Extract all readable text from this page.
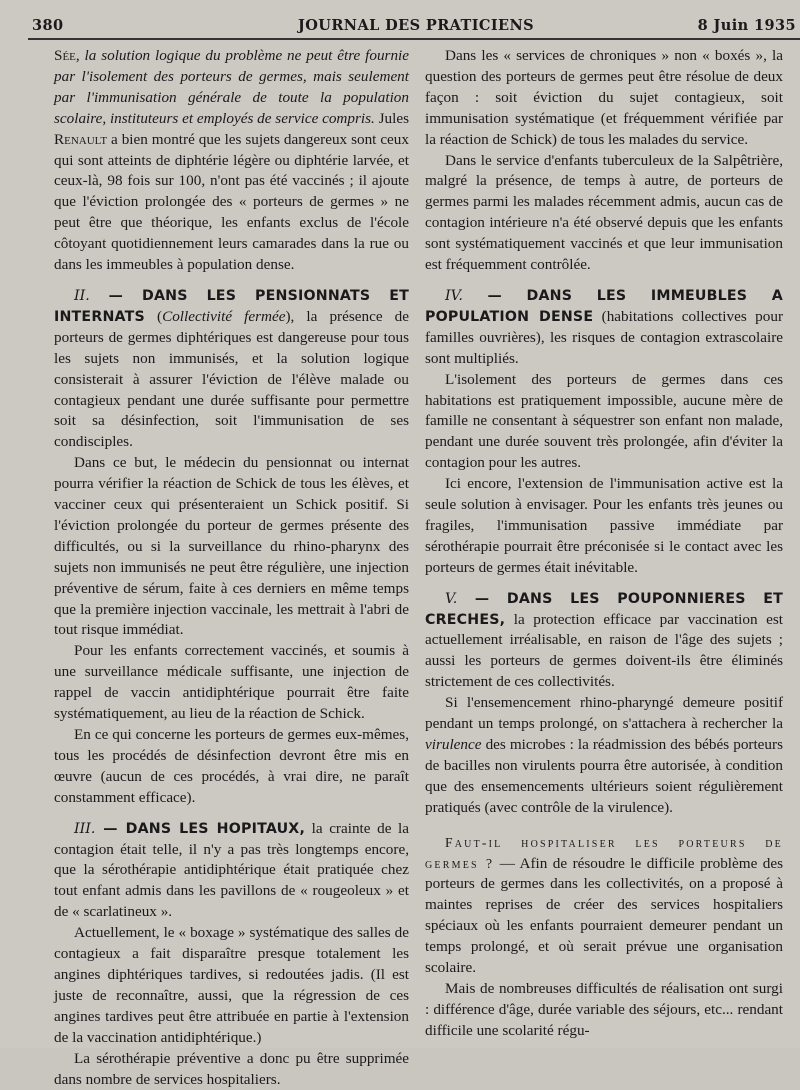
380	JOURNAL DES PRATICIENS	8 Juin 1935

Sée, la solution logique du problème ne peut être fournie par l'isolement des porteurs de germes, mais seulement par l'immunisation générale de toute la population scolaire, instituteurs et employés de service compris. Jules Renault a bien montré que les sujets dangereux sont ceux qui sont atteints de diphtérie légère ou diphtérie larvée, et ceux-là, 98 fois sur 100, n'ont pas été vaccinés ; il ajoute que l'éviction prolongée des « porteurs de germes » ne peut être que théorique, les enfants exclus de l'école côtoyant quotidiennement leurs camarades dans la rue ou dans les immeubles à population dense.

II. — DANS LES PENSIONNATS ET INTERNATS (Collectivité fermée), la présence de porteurs de germes diphtériques est dangereuse pour tous les sujets non immunisés, et la solution logique consisterait à assurer l'éviction de l'élève malade ou contagieux pendant une durée suffisante pour permettre soit sa désinfection, soit l'immunisation de ses condisciples.

Dans ce but, le médecin du pensionnat ou internat pourra vérifier la réaction de Schick de tous les élèves, et vacciner ceux qui présenteraient un Schick positif. Si l'éviction prolongée du porteur de germes présente des difficultés, ou si la surveillance du rhino-pharynx des sujets non immunisés ne peut être régulière, une injection préventive de sérum, faite à ces derniers en même temps que la première injection vaccinale, les mettrait à l'abri de tout risque immédiat.

Pour les enfants correctement vaccinés, et soumis à une surveillance médicale suffisante, une injection de rappel de vaccin antidiphtérique pourrait être faite systématiquement, au lieu de la réaction de Schick.

En ce qui concerne les porteurs de germes eux-mêmes, tous les procédés de désinfection devront être mis en œuvre (aucun de ces procédés, à vrai dire, ne paraît constamment efficace).

III. — DANS LES HOPITAUX, la crainte de la contagion était telle, il n'y a pas très longtemps encore, que la sérothérapie antidiphtérique était pratiquée chez tout enfant admis dans les pavillons de « rougeoleux » et de « scarlatineux ».

Actuellement, le « boxage » systématique des salles de contagieux a fait disparaître presque totalement les angines diphtériques tardives, si redoutées jadis. (Il est juste de reconnaître, aussi, que la régression de ces angines tardives peut être attribuée en partie à l'extension de la vaccination antidiphtérique.)

La sérothérapie préventive a donc pu être supprimée dans nombre de services hospitaliers.

Dans les « services de chroniques » non « boxés », la question des porteurs de germes peut être résolue de deux façon : soit éviction du sujet contagieux, soit immunisation systématique (et fréquemment vérifiée par la réaction de Schick) de tous les malades du service.

Dans le service d'enfants tuberculeux de la Salpêtrière, malgré la présence, de temps à autre, de porteurs de germes parmi les malades récemment admis, aucun cas de contagion intérieure n'a été observé depuis que les enfants sont systématiquement vaccinés et que leur immunisation est fréquemment contrôlée.

IV. — DANS LES IMMEUBLES A POPULATION DENSE (habitations collectives pour familles ouvrières), les risques de contagion extrascolaire sont multipliés.

L'isolement des porteurs de germes dans ces habitations est pratiquement impossible, aucune mère de famille ne consentant à séquestrer son enfant non malade, pendant une durée souvent très prolongée, afin d'éviter la contagion pour les autres.

Ici encore, l'extension de l'immunisation active est la seule solution à envisager. Pour les enfants très jeunes ou fragiles, l'immunisation passive immédiate par sérothérapie pourrait être préconisée si le contact avec les porteurs de germes était inévitable.

V. — DANS LES POUPONNIERES ET CRECHES, la protection efficace par vaccination est actuellement irréalisable, en raison de l'âge des sujets ; aussi les porteurs de germes doivent-ils être éliminés strictement de ces collectivités.

Si l'ensemencement rhino-pharyngé demeure positif pendant un temps prolongé, on s'attachera à rechercher la virulence des microbes : la réadmission des bébés porteurs de bacilles non virulents pourra être autorisée, à condition que des ensemencements ultérieurs soient régulièrement pratiqués (avec contrôle de la virulence).

Faut-il hospitaliser les porteurs de germes ? — Afin de résoudre le difficile problème des porteurs de germes dans les collectivités, on a proposé à maintes reprises de créer des services hospitaliers spéciaux où les enfants pourraient demeurer pendant un temps prolongé, et où serait prévue une organisation scolaire.

Mais de nombreuses difficultés de réalisation ont surgi : différence d'âge, durée variable des séjours, etc... rendant difficile une scolarité régu-
